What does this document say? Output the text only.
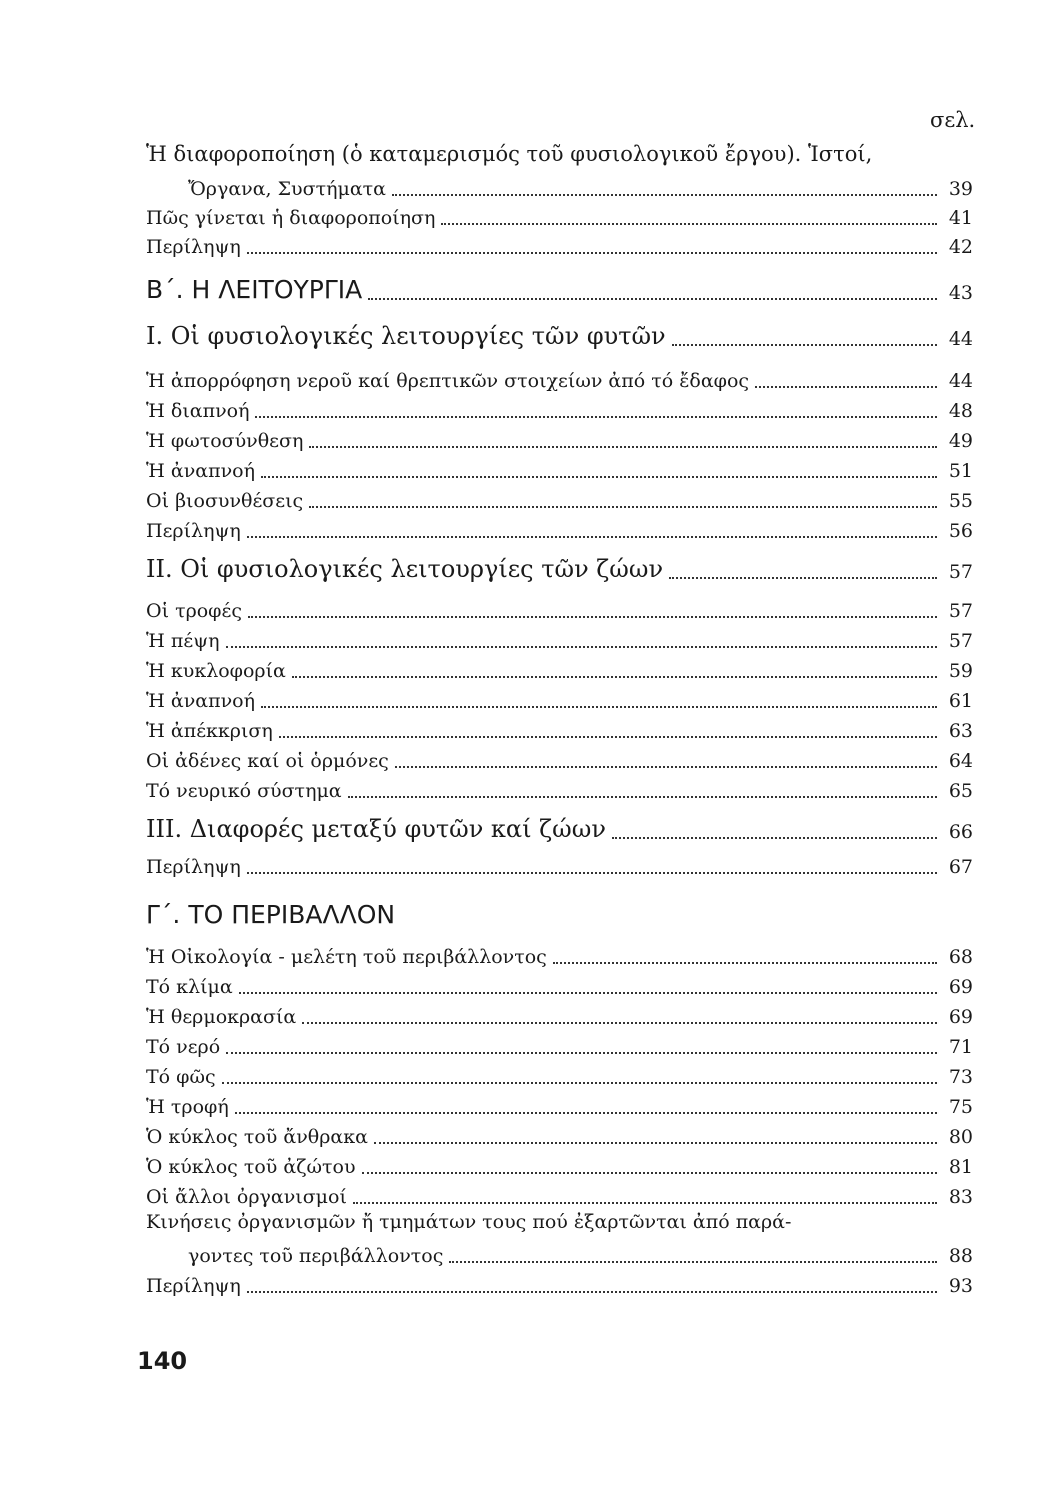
σελ.
Ἡ διαφοροποίηση (ὁ καταμερισμός τοῦ φυσιολογικοῦ ἔργου). Ἱστοί,
Ὄργανα, Συστήματα	39
Πῶς γίνεται ἡ διαφοροποίηση	41
Περίληψη	42
Β΄. Η ΛΕΙΤΟΥΡΓΙΑ	43
Ι. Οἱ φυσιολογικές λειτουργίες τῶν φυτῶν	44
Ἡ ἀπορρόφηση νεροῦ καί θρεπτικῶν στοιχείων ἀπό τό ἔδαφος	44
Ἡ διαπνοή	48
Ἡ φωτοσύνθεση	49
Ἡ ἀναπνοή	51
Οἱ βιοσυνθέσεις	55
Περίληψη	56
ΙΙ. Οἱ φυσιολογικές λειτουργίες τῶν ζώων	57
Οἱ τροφές	57
Ἡ πέψη	57
Ἡ κυκλοφορία	59
Ἡ ἀναπνοή	61
Ἡ ἀπέκκριση	63
Οἱ ἀδένες καί οἱ ὁρμόνες	64
Τό νευρικό σύστημα	65
ΙΙΙ. Διαφορές μεταξύ φυτῶν καί ζώων	66
Περίληψη	67
Γ΄. ΤΟ ΠΕΡΙΒΑΛΛΟΝ
Ἡ Οἰκολογία - μελέτη τοῦ περιβάλλοντος	68
Τό κλίμα	69
Ἡ θερμοκρασία	69
Τό νερό	71
Τό φῶς	73
Ἡ τροφή	75
Ὁ κύκλος τοῦ ἄνθρακα	80
Ὁ κύκλος τοῦ ἀζώτου	81
Οἱ ἄλλοι ὀργανισμοί	83
Κινήσεις ὀργανισμῶν ἤ τμημάτων τους πού ἐξαρτῶνται ἀπό παρά-
γοντες τοῦ περιβάλλοντος	88
Περίληψη	93
140
